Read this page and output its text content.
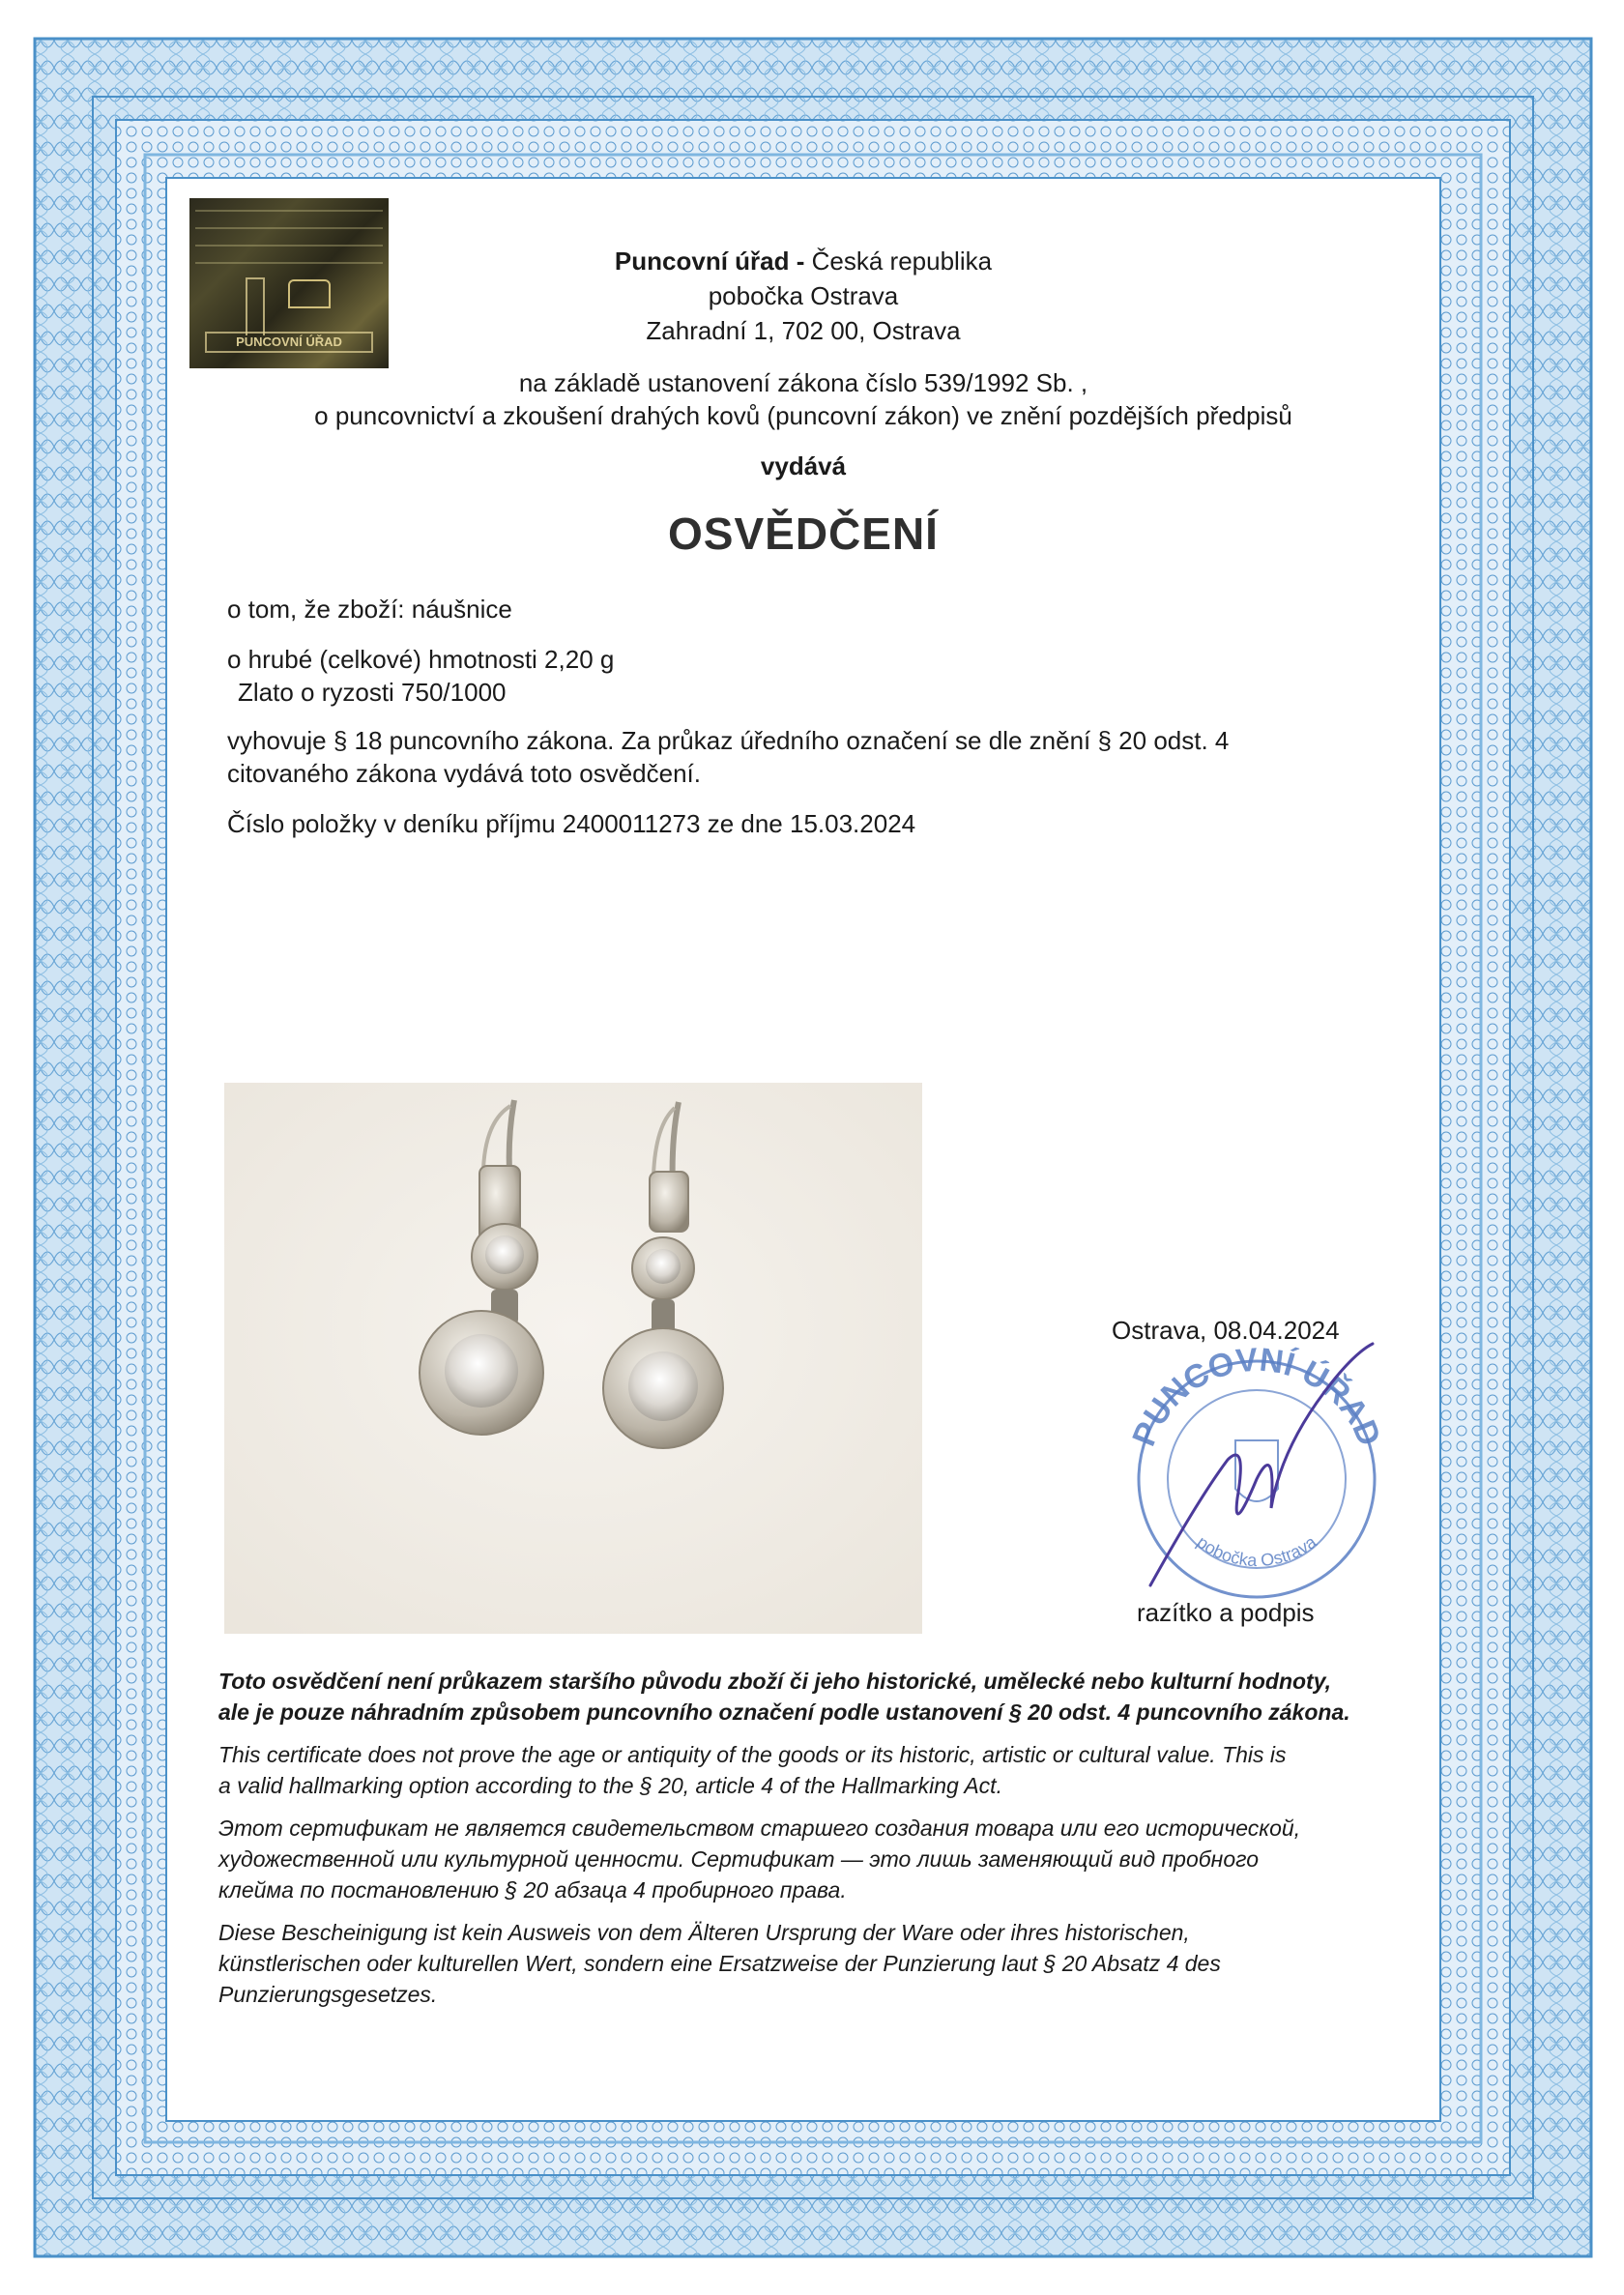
PUNCOVNÍ ÚŘAD
Puncovní úřad - Česká republika
pobočka Ostrava
Zahradní 1, 702 00, Ostrava
na základě ustanovení zákona číslo 539/1992 Sb. ,
o puncovnictví a zkoušení drahých kovů (puncovní zákon) ve znění pozdějších předpisů
vydává
OSVĚDČENÍ
o tom, že zboží: náušnice
o hrubé (celkové) hmotnosti 2,20 g
Zlato o ryzosti 750/1000
vyhovuje § 18 puncovního zákona. Za průkaz úředního označení se dle znění § 20 odst. 4
citovaného zákona vydává toto osvědčení.
Číslo položky v deníku příjmu 2400011273 ze dne 15.03.2024
Ostrava, 08.04.2024
PUNCOVNÍ ÚŘAD
pobočka Ostrava
razítko a podpis
Toto osvědčení není průkazem staršího původu zboží či jeho historické, umělecké nebo kulturní hodnoty,
ale je pouze náhradním způsobem puncovního označení podle ustanovení § 20 odst. 4 puncovního zákona.
This certificate does not prove the age or antiquity of the goods or its historic, artistic or cultural value. This is
a valid hallmarking option according to the § 20, article 4 of the Hallmarking Act.
Этот сертификат не является свидетельством старшего создания товара или его исторической,
художественной или культурной ценности. Сертификат — это лишь заменяющий вид пробного
клейма по постановлению § 20 абзаца 4 пробирного права.
Diese Bescheinigung ist kein Ausweis von dem Älteren Ursprung der Ware oder ihres historischen,
künstlerischen oder kulturellen Wert, sondern eine Ersatzweise der Punzierung laut § 20 Absatz 4 des
Punzierungsgesetzes.
